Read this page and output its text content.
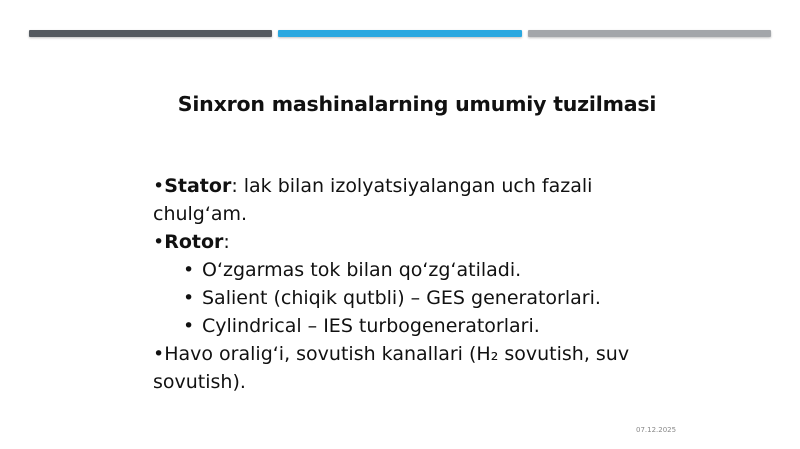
Sinxron mashinalarning umumiy tuzilmasi

•Stator: lak bilan izolyatsiyalangan uch fazali chulg‘am.

•Rotor:

• O‘zgarmas tok bilan qo‘zg‘atiladi.

• Salient (chiqik qutbli) – GES generatorlari.

• Cylindrical – IES turbogeneratorlari.

•Havo oralig‘i, sovutish kanallari (H₂ sovutish, suv sovutish).

07.12.2025
